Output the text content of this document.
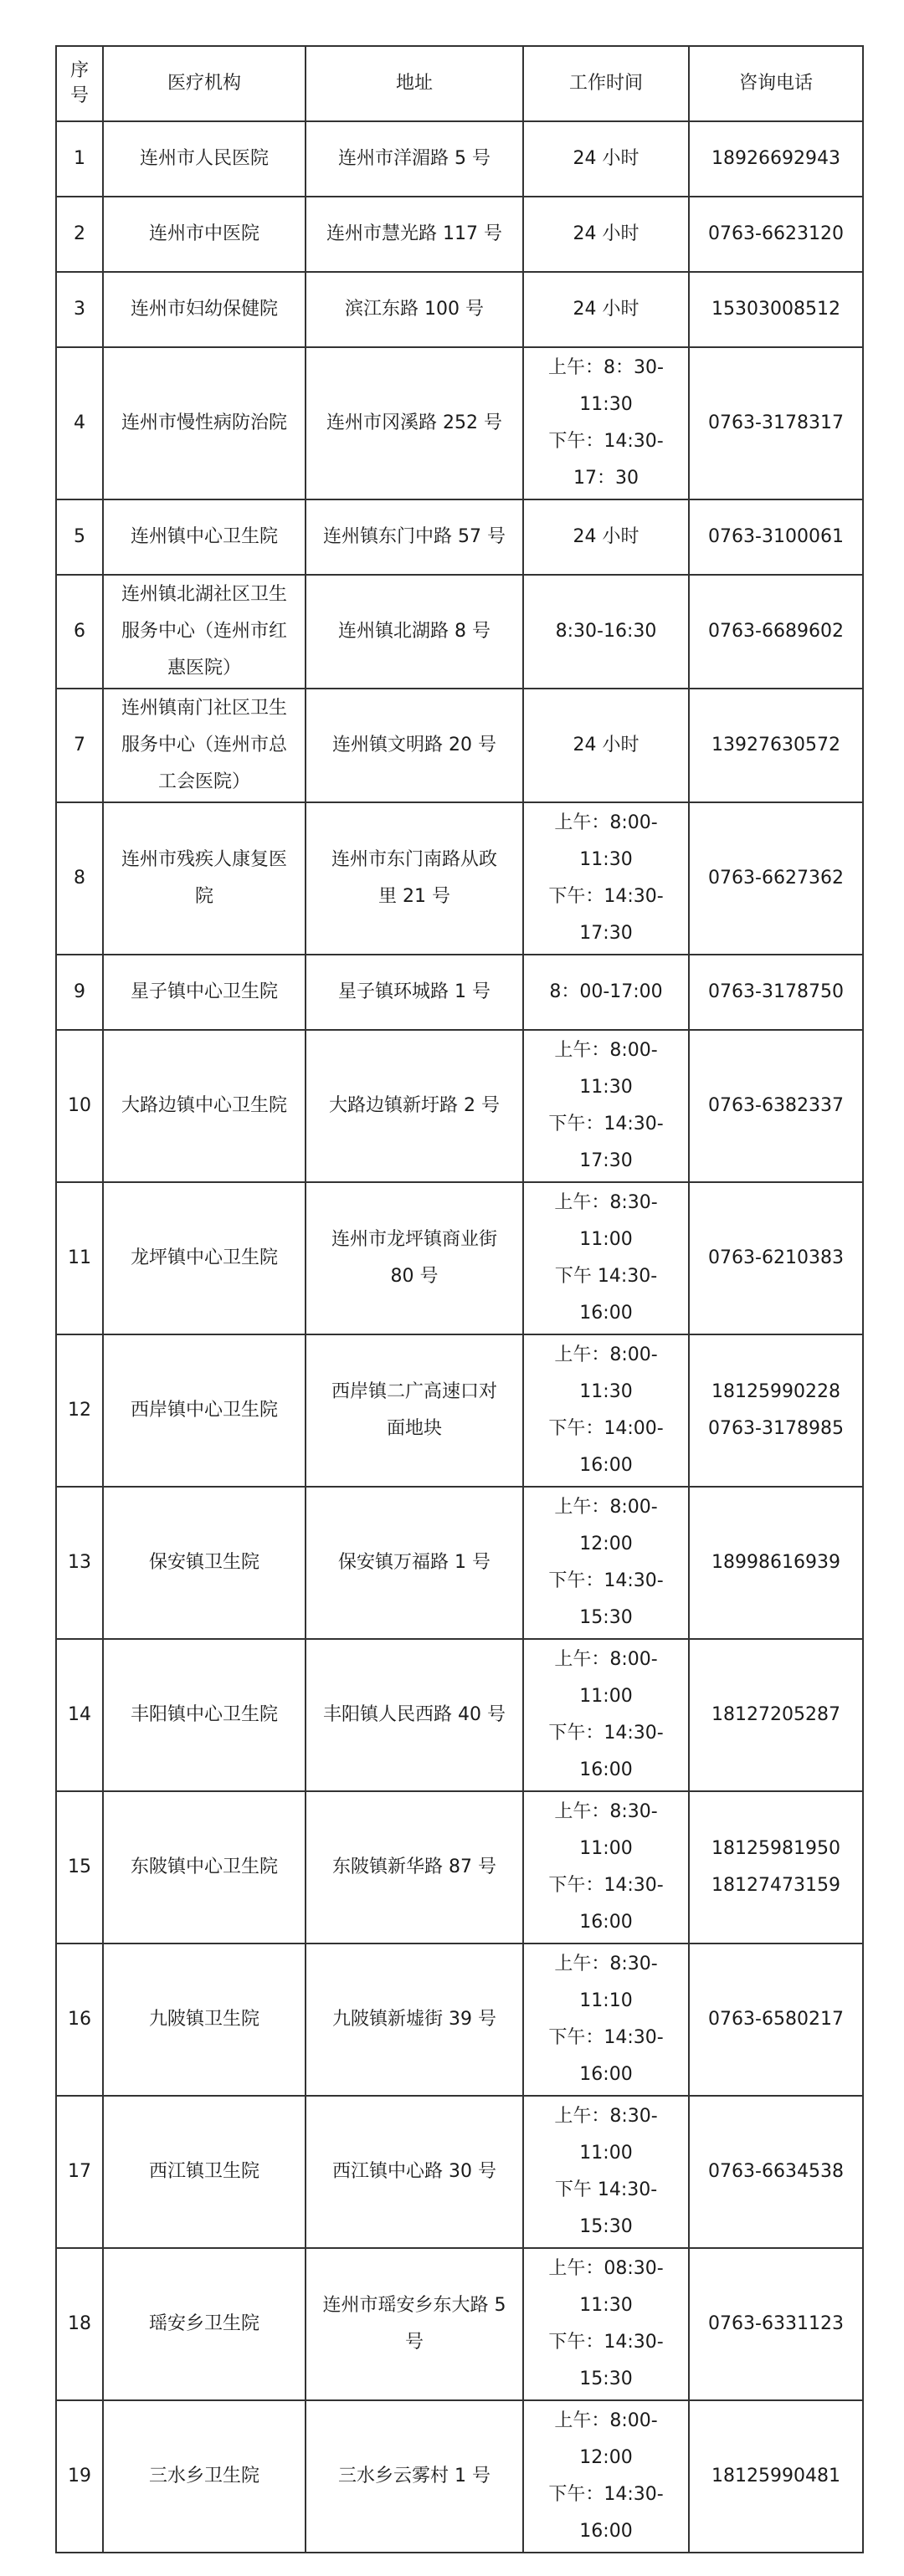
序号	医疗机构	地址	工作时间	咨询电话

1	连州市人民医院	连州市洋湄路 5 号	24 小时	18926692943

2	连州市中医院	连州市慧光路 117 号	24 小时	0763-6623120

3	连州市妇幼保健院	滨江东路 100 号	24 小时	15303008512

4	连州市慢性病防治院	连州市冈溪路 252 号	上午：8：30-
11:30
下午：14:30-
17：30	0763-3178317

5	连州镇中心卫生院	连州镇东门中路 57 号	24 小时	0763-3100061

6	连州镇北湖社区卫生
服务中心（连州市红
惠医院）	连州镇北湖路 8 号	8:30-16:30	0763-6689602

7	连州镇南门社区卫生
服务中心（连州市总
工会医院）	连州镇文明路 20 号	24 小时	13927630572

8	连州市残疾人康复医
院	连州市东门南路从政
里 21 号	上午：8:00-
11:30
下午：14:30-
17:30	0763-6627362

9	星子镇中心卫生院	星子镇环城路 1 号	8：00-17:00	0763-3178750

10	大路边镇中心卫生院	大路边镇新圩路 2 号	上午：8:00-
11:30
下午：14:30-
17:30	0763-6382337

11	龙坪镇中心卫生院	连州市龙坪镇商业街
80 号	上午：8:30-
11:00
下午 14:30-
16:00	0763-6210383

12	西岸镇中心卫生院	西岸镇二广高速口对
面地块	上午：8:00-
11:30
下午：14:00-
16:00	18125990228
0763-3178985

13	保安镇卫生院	保安镇万福路 1 号	上午：8:00-
12:00
下午：14:30-
15:30	18998616939

14	丰阳镇中心卫生院	丰阳镇人民西路 40 号	上午：8:00-
11:00
下午：14:30-
16:00	18127205287

15	东陂镇中心卫生院	东陂镇新华路 87 号	上午：8:30-
11:00
下午：14:30-
16:00	18125981950
18127473159

16	九陂镇卫生院	九陂镇新墟街 39 号	上午：8:30-
11:10
下午：14:30-
16:00	0763-6580217

17	西江镇卫生院	西江镇中心路 30 号	上午：8:30-
11:00
下午 14:30-
15:30	0763-6634538

18	瑶安乡卫生院	连州市瑶安乡东大路 5
号	上午：08:30-
11:30
下午：14:30-
15:30	0763-6331123

19	三水乡卫生院	三水乡云雾村 1 号	上午：8:00-
12:00
下午：14:30-
16:00	18125990481
